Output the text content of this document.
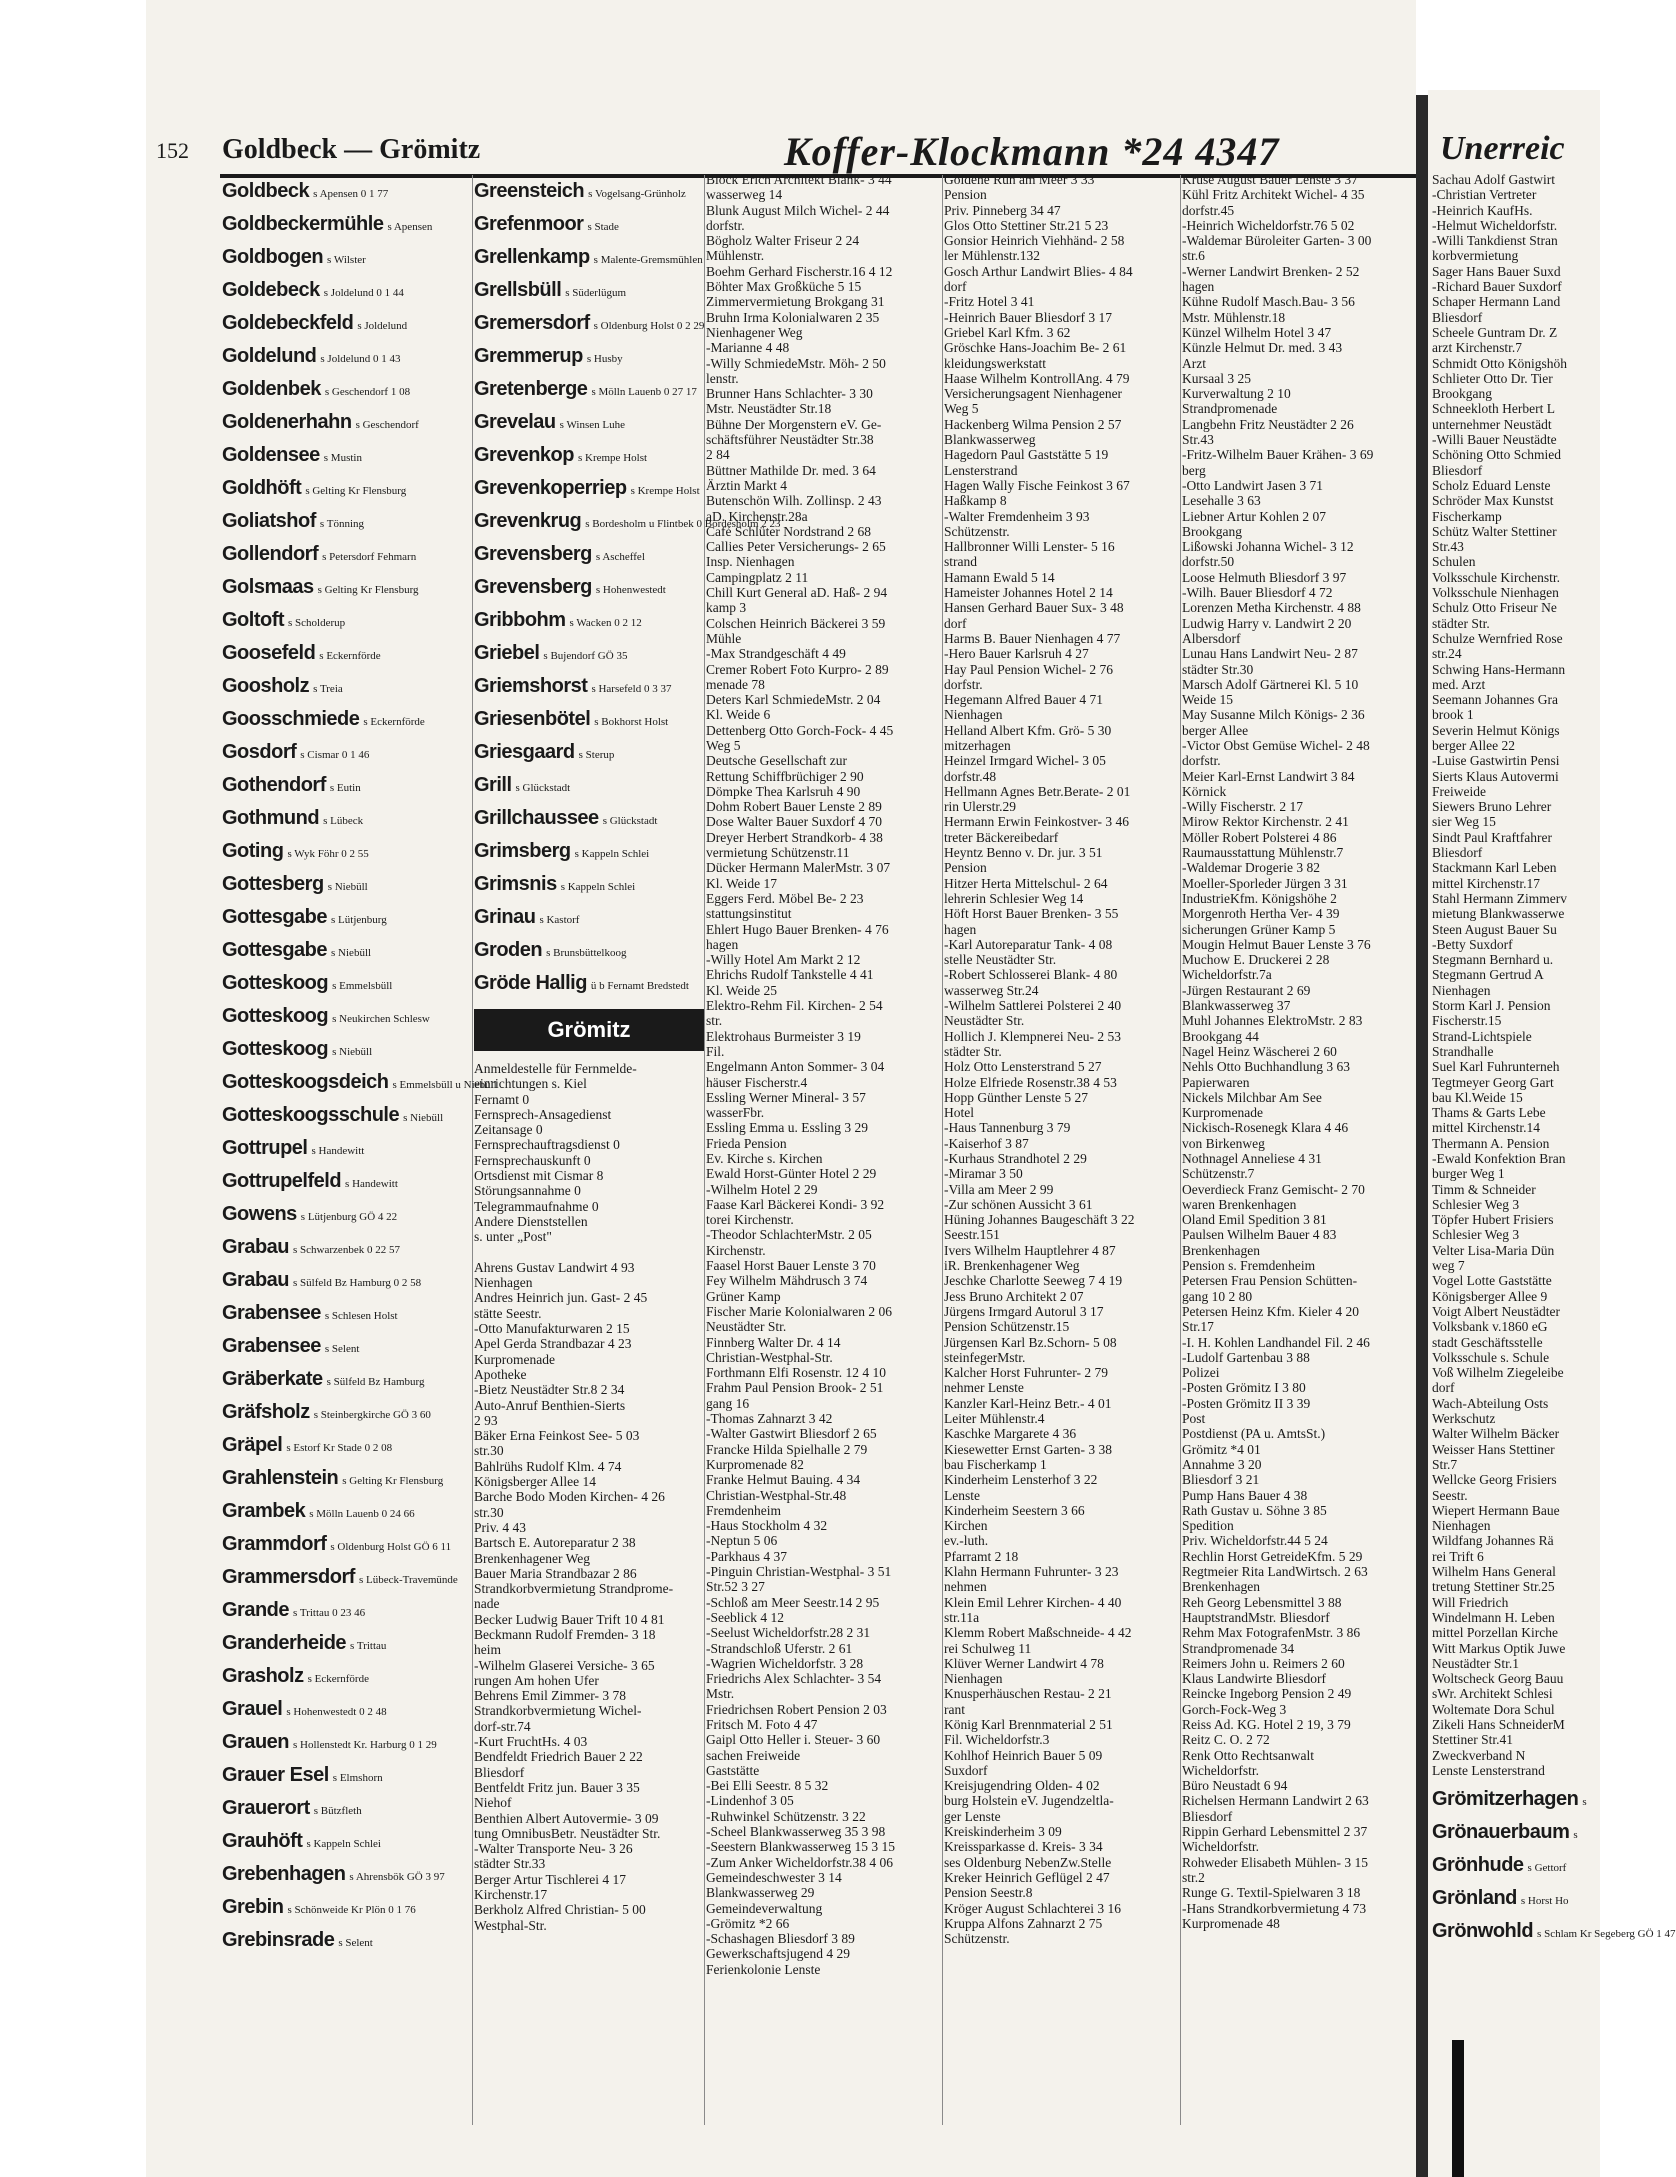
Unerreic
152 Goldbeck — Grömitz	Koffer-Klockmann *24 4347
Goldbeck s Apensen 0 1 77
Goldbeckermühle s Apensen
Goldbogen s Wilster
Goldebeck s Joldelund 0 1 44
Goldebeckfeld s Joldelund
Goldelund s Joldelund 0 1 43
Goldenbek s Geschendorf 1 08
Goldenerhahn s Geschendorf
Goldensee s Mustin
Goldhöft s Gelting Kr Flensburg
Goliatshof s Tönning
Gollendorf s Petersdorf Fehmarn
Golsmaas s Gelting Kr Flensburg
Goltoft s Scholderup
Goosefeld s Eckernförde
Goosholz s Treia
Goosschmiede s Eckernförde
Gosdorf s Cismar 0 1 46
Gothendorf s Eutin
Gothmund s Lübeck
Goting s Wyk Föhr 0 2 55
Gottesberg s Niebüll
Gottesgabe s Lütjenburg
Gottesgabe s Niebüll
Gotteskoog s Emmelsbüll
Gotteskoog s Neukirchen Schlesw
Gotteskoog s Niebüll
Gotteskoogsdeich s Emmelsbüll u Niebüll
Gotteskoogsschule s Niebüll
Gottrupel s Handewitt
Gottrupelfeld s Handewitt
Gowens s Lütjenburg GÖ 4 22
Grabau s Schwarzenbek 0 22 57
Grabau s Sülfeld Bz Hamburg 0 2 58
Grabensee s Schlesen Holst
Grabensee s Selent
Gräberkate s Sülfeld Bz Hamburg
Gräfsholz s Steinbergkirche GÖ 3 60
Gräpel s Estorf Kr Stade 0 2 08
Grahlenstein s Gelting Kr Flensburg
Grambek s Mölln Lauenb 0 24 66
Grammdorf s Oldenburg Holst GÖ 6 11
Grammersdorf s Lübeck-Travemünde
Grande s Trittau 0 23 46
Granderheide s Trittau
Grasholz s Eckernförde
Grauel s Hohenwestedt 0 2 48
Grauen s Hollenstedt Kr. Harburg 0 1 29
Grauer Esel s Elmshorn
Grauerort s Bützfleth
Grauhöft s Kappeln Schlei
Grebenhagen s Ahrensbök GÖ 3 97
Grebin s Schönweide Kr Plön 0 1 76
Grebinsrade s Selent
Greensteich s Vogelsang-Grünholz
Grefenmoor s Stade
Grellenkamp s Malente-Gremsmühlen
Grellsbüll s Süderlügum
Gremersdorf s Oldenburg Holst 0 2 29
Gremmerup s Husby
Gretenberge s Mölln Lauenb 0 27 17
Grevelau s Winsen Luhe
Grevenkop s Krempe Holst
Grevenkoperriep s Krempe Holst
Grevenkrug s Bordesholm u Flintbek 0 Bordesholm 2 23
Grevensberg s Ascheffel
Grevensberg s Hohenwestedt
Gribbohm s Wacken 0 2 12
Griebel s Bujendorf GÖ 35
Griemshorst s Harsefeld 0 3 37
Griesenbötel s Bokhorst Holst
Griesgaard s Sterup
Grill s Glückstadt
Grillchaussee s Glückstadt
Grimsberg s Kappeln Schlei
Grimsnis s Kappeln Schlei
Grinau s Kastorf
Groden s Brunsbüttelkoog
Gröde Hallig ü b Fernamt Bredstedt
Grömitz
Anmeldestelle für Fernmelde-
einrichtungen s. Kiel
Fernamt 0
Fernsprech-Ansagedienst
Zeitansage 0
Fernsprechauftragsdienst 0
Fernsprechauskunft 0
Ortsdienst mit Cismar 8
Störungsannahme 0
Telegrammaufnahme 0
Andere Dienststellen
s. unter „Post"

Ahrens Gustav Landwirt 4 93
Nienhagen
Andres Heinrich jun. Gast- 2 45
stätte Seestr.
-Otto Manufakturwaren 2 15
Apel Gerda Strandbazar 4 23
Kurpromenade
Apotheke
-Bietz Neustädter Str.8 2 34
Auto-Anruf Benthien-Sierts
2 93
Bäker Erna Feinkost See- 5 03
str.30
Bahlrühs Rudolf Klm. 4 74
Königsberger Allee 14
Barche Bodo Moden Kirchen- 4 26
str.30
Priv. 4 43
Bartsch E. Autoreparatur 2 38
Brenkenhagener Weg
Bauer Maria Strandbazar 2 86
Strandkorbvermietung Strandprome-
nade
Becker Ludwig Bauer Trift 10 4 81
Beckmann Rudolf Fremden- 3 18
heim
-Wilhelm Glaserei Versiche- 3 65
rungen Am hohen Ufer
Behrens Emil Zimmer- 3 78
Strandkorbvermietung Wichel-
dorf-str.74
-Kurt FruchtHs. 4 03
Bendfeldt Friedrich Bauer 2 22
Bliesdorf
Bentfeldt Fritz jun. Bauer 3 35
Niehof
Benthien Albert Autovermie- 3 09
tung OmnibusBetr. Neustädter Str.
-Walter Transporte Neu- 3 26
städter Str.33
Berger Artur Tischlerei 4 17
Kirchenstr.17
Berkholz Alfred Christian- 5 00
Westphal-Str.
Block Erich Architekt Blank- 3 44
wasserweg 14
Blunk August Milch Wichel- 2 44
dorfstr.
Bögholz Walter Friseur 2 24
Mühlenstr.
Boehm Gerhard Fischerstr.16 4 12
Böhter Max Großküche 5 15
Zimmervermietung Brokgang 31
Bruhn Irma Kolonialwaren 2 35
Nienhagener Weg
-Marianne 4 48
-Willy SchmiedeMstr. Möh- 2 50
lenstr.
Brunner Hans Schlachter- 3 30
Mstr. Neustädter Str.18
Bühne Der Morgenstern eV. Ge-
schäftsführer Neustädter Str.38
2 84
Büttner Mathilde Dr. med. 3 64
Ärztin Markt 4
Butenschön Wilh. Zollinsp. 2 43
aD. Kirchenstr.28a
Café Schlüter Nordstrand 2 68
Callies Peter Versicherungs- 2 65
Insp. Nienhagen
Campingplatz 2 11
Chill Kurt General aD. Haß- 2 94
kamp 3
Colschen Heinrich Bäckerei 3 59
Mühle
-Max Strandgeschäft 4 49
Cremer Robert Foto Kurpro- 2 89
menade 78
Deters Karl SchmiedeMstr. 2 04
Kl. Weide 6
Dettenberg Otto Gorch-Fock- 4 45
Weg 5
Deutsche Gesellschaft zur
Rettung Schiffbrüchiger 2 90
Dömpke Thea Karlsruh 4 90
Dohm Robert Bauer Lenste 2 89
Dose Walter Bauer Suxdorf 4 70
Dreyer Herbert Strandkorb- 4 38
vermietung Schützenstr.11
Dücker Hermann MalerMstr. 3 07
Kl. Weide 17
Eggers Ferd. Möbel Be- 2 23
stattungsinstitut
Ehlert Hugo Bauer Brenken- 4 76
hagen
-Willy Hotel Am Markt 2 12
Ehrichs Rudolf Tankstelle 4 41
Kl. Weide 25
Elektro-Rehm Fil. Kirchen- 2 54
str.
Elektrohaus Burmeister 3 19
Fil.
Engelmann Anton Sommer- 3 04
häuser Fischerstr.4
Essling Werner Mineral- 3 57
wasserFbr.
Essling Emma u. Essling 3 29
Frieda Pension
Ev. Kirche s. Kirchen
Ewald Horst-Günter Hotel 2 29
-Wilhelm Hotel 2 29
Faase Karl Bäckerei Kondi- 3 92
torei Kirchenstr.
-Theodor SchlachterMstr. 2 05
Kirchenstr.
Faasel Horst Bauer Lenste 3 70
Fey Wilhelm Mähdrusch 3 74
Grüner Kamp
Fischer Marie Kolonialwaren 2 06
Neustädter Str.
Finnberg Walter Dr. 4 14
Christian-Westphal-Str.
Forthmann Elfi Rosenstr. 12 4 10
Frahm Paul Pension Brook- 2 51
gang 16
-Thomas Zahnarzt 3 42
-Walter Gastwirt Bliesdorf 2 65
Francke Hilda Spielhalle 2 79
Kurpromenade 82
Franke Helmut Bauing. 4 34
Christian-Westphal-Str.48
Fremdenheim
-Haus Stockholm 4 32
-Neptun 5 06
-Parkhaus 4 37
-Pinguin Christian-Westphal- 3 51
Str.52 3 27
-Schloß am Meer Seestr.14 2 95
-Seeblick 4 12
-Seelust Wicheldorfstr.28 2 31
-Strandschloß Uferstr. 2 61
-Wagrien Wicheldorfstr. 3 28
Friedrichs Alex Schlachter- 3 54
Mstr.
Friedrichsen Robert Pension 2 03
Fritsch M. Foto 4 47
Gaipl Otto Heller i. Steuer- 3 60
sachen Freiweide
Gaststätte
-Bei Elli Seestr. 8 5 32
-Lindenhof 3 05
-Ruhwinkel Schützenstr. 3 22
-Scheel Blankwasserweg 35 3 98
-Seestern Blankwasserweg 15 3 15
-Zum Anker Wicheldorfstr.38 4 06
Gemeindeschwester 3 14
Blankwasserweg 29
Gemeindeverwaltung
-Grömitz *2 66
-Schashagen Bliesdorf 3 89
Gewerkschaftsjugend 4 29
Ferienkolonie Lenste
Goldene Ruh am Meer 3 33
Pension
Priv. Pinneberg 34 47
Glos Otto Stettiner Str.21 5 23
Gonsior Heinrich Viehhänd- 2 58
ler Mühlenstr.132
Gosch Arthur Landwirt Blies- 4 84
dorf
-Fritz Hotel 3 41
-Heinrich Bauer Bliesdorf 3 17
Griebel Karl Kfm. 3 62
Gröschke Hans-Joachim Be- 2 61
kleidungswerkstatt
Haase Wilhelm KontrollAng. 4 79
Versicherungsagent Nienhagener
Weg 5
Hackenberg Wilma Pension 2 57
Blankwasserweg
Hagedorn Paul Gaststätte 5 19
Lensterstrand
Hagen Wally Fische Feinkost 3 67
Haßkamp 8
-Walter Fremdenheim 3 93
Schützenstr.
Hallbronner Willi Lenster- 5 16
strand
Hamann Ewald 5 14
Hameister Johannes Hotel 2 14
Hansen Gerhard Bauer Sux- 3 48
dorf
Harms B. Bauer Nienhagen 4 77
-Hero Bauer Karlsruh 4 27
Hay Paul Pension Wichel- 2 76
dorfstr.
Hegemann Alfred Bauer 4 71
Nienhagen
Helland Albert Kfm. Grö- 5 30
mitzerhagen
Heinzel Irmgard Wichel- 3 05
dorfstr.48
Hellmann Agnes Betr.Berate- 2 01
rin Ulerstr.29
Hermann Erwin Feinkostver- 3 46
treter Bäckereibedarf
Heyntz Benno v. Dr. jur. 3 51
Pension
Hitzer Herta Mittelschul- 2 64
lehrerin Schlesier Weg 14
Höft Horst Bauer Brenken- 3 55
hagen
-Karl Autoreparatur Tank- 4 08
stelle Neustädter Str.
-Robert Schlosserei Blank- 4 80
wasserweg Str.24
-Wilhelm Sattlerei Polsterei 2 40
Neustädter Str.
Hollich J. Klempnerei Neu- 2 53
städter Str.
Holz Otto Lensterstrand 5 27
Holze Elfriede Rosenstr.38 4 53
Hopp Günther Lenste 5 27
Hotel
-Haus Tannenburg 3 79
-Kaiserhof 3 87
-Kurhaus Strandhotel 2 29
-Miramar 3 50
-Villa am Meer 2 99
-Zur schönen Aussicht 3 61
Hüning Johannes Baugeschäft 3 22
Seestr.151
Ivers Wilhelm Hauptlehrer 4 87
iR. Brenkenhagener Weg
Jeschke Charlotte Seeweg 7 4 19
Jess Bruno Architekt 2 07
Jürgens Irmgard Autorul 3 17
Pension Schützenstr.15
Jürgensen Karl Bz.Schorn- 5 08
steinfegerMstr.
Kalcher Horst Fuhrunter- 2 79
nehmer Lenste
Kanzler Karl-Heinz Betr.- 4 01
Leiter Mühlenstr.4
Kaschke Margarete 4 36
Kiesewetter Ernst Garten- 3 38
bau Fischerkamp 1
Kinderheim Lensterhof 3 22
Lenste
Kinderheim Seestern 3 66
Kirchen
ev.-luth.
Pfarramt 2 18
Klahn Hermann Fuhrunter- 3 23
nehmen
Klein Emil Lehrer Kirchen- 4 40
str.11a
Klemm Robert Maßschneide- 4 42
rei Schulweg 11
Klüver Werner Landwirt 4 78
Nienhagen
Knusperhäuschen Restau- 2 21
rant
König Karl Brennmaterial 2 51
Fil. Wicheldorfstr.3
Kohlhof Heinrich Bauer 5 09
Suxdorf
Kreisjugendring Olden- 4 02
burg Holstein eV. Jugendzeltla-
ger Lenste
Kreiskinderheim 3 09
Kreissparkasse d. Kreis- 3 34
ses Oldenburg NebenZw.Stelle
Kreker Heinrich Geflügel 2 47
Pension Seestr.8
Kröger August Schlachterei 3 16
Kruppa Alfons Zahnarzt 2 75
Schützenstr.
Kruse August Bauer Lenste 3 37
Kühl Fritz Architekt Wichel- 4 35
dorfstr.45
-Heinrich Wicheldorfstr.76 5 02
-Waldemar Büroleiter Garten- 3 00
str.6
-Werner Landwirt Brenken- 2 52
hagen
Kühne Rudolf Masch.Bau- 3 56
Mstr. Mühlenstr.18
Künzel Wilhelm Hotel 3 47
Künzle Helmut Dr. med. 3 43
Arzt
Kursaal 3 25
Kurverwaltung 2 10
Strandpromenade
Langbehn Fritz Neustädter 2 26
Str.43
-Fritz-Wilhelm Bauer Krähen- 3 69
berg
-Otto Landwirt Jasen 3 71
Lesehalle 3 63
Liebner Artur Kohlen 2 07
Brookgang
Lißowski Johanna Wichel- 3 12
dorfstr.50
Loose Helmuth Bliesdorf 3 97
-Wilh. Bauer Bliesdorf 4 72
Lorenzen Metha Kirchenstr. 4 88
Ludwig Harry v. Landwirt 2 20
Albersdorf
Lunau Hans Landwirt Neu- 2 87
städter Str.30
Marsch Adolf Gärtnerei Kl. 5 10
Weide 15
May Susanne Milch Königs- 2 36
berger Allee
-Victor Obst Gemüse Wichel- 2 48
dorfstr.
Meier Karl-Ernst Landwirt 3 84
Körnick
-Willy Fischerstr. 2 17
Mirow Rektor Kirchenstr. 2 41
Möller Robert Polsterei 4 86
Raumausstattung Mühlenstr.7
-Waldemar Drogerie 3 82
Moeller-Sporleder Jürgen 3 31
IndustrieKfm. Königshöhe 2
Morgenroth Hertha Ver- 4 39
sicherungen Grüner Kamp 5
Mougin Helmut Bauer Lenste 3 76
Muchow E. Druckerei 2 28
Wicheldorfstr.7a
-Jürgen Restaurant 2 69
Blankwasserweg 37
Muhl Johannes ElektroMstr. 2 83
Brookgang 44
Nagel Heinz Wäscherei 2 60
Nehls Otto Buchhandlung 3 63
Papierwaren
Nickels Milchbar Am See
Kurpromenade
Nickisch-Rosenegk Klara 4 46
von Birkenweg
Nothnagel Anneliese 4 31
Schützenstr.7
Oeverdieck Franz Gemischt- 2 70
waren Brenkenhagen
Oland Emil Spedition 3 81
Paulsen Wilhelm Bauer 4 83
Brenkenhagen
Pension s. Fremdenheim
Petersen Frau Pension Schütten-
gang 10 2 80
Petersen Heinz Kfm. Kieler 4 20
Str.17
-I. H. Kohlen Landhandel Fil. 2 46
-Ludolf Gartenbau 3 88
Polizei
-Posten Grömitz I 3 80
-Posten Grömitz II 3 39
Post
Postdienst (PA u. AmtsSt.)
Grömitz *4 01
Annahme 3 20
Bliesdorf 3 21
Pump Hans Bauer 4 38
Rath Gustav u. Söhne 3 85
Spedition
Priv. Wicheldorfstr.44 5 24
Rechlin Horst GetreideKfm. 5 29
Regtmeier Rita LandWirtsch. 2 63
Brenkenhagen
Reh Georg Lebensmittel 3 88
HauptstrandMstr. Bliesdorf
Rehm Max FotografenMstr. 3 86
Strandpromenade 34
Reimers John u. Reimers 2 60
Klaus Landwirte Bliesdorf
Reincke Ingeborg Pension 2 49
Gorch-Fock-Weg 3
Reiss Ad. KG. Hotel 2 19, 3 79
Reitz C. O. 2 72
Renk Otto Rechtsanwalt
Wicheldorfstr.
Büro Neustadt 6 94
Richelsen Hermann Landwirt 2 63
Bliesdorf
Rippin Gerhard Lebensmittel 2 37
Wicheldorfstr.
Rohweder Elisabeth Mühlen- 3 15
str.2
Runge G. Textil-Spielwaren 3 18
-Hans Strandkorbvermietung 4 73
Kurpromenade 48
Sachau Adolf Gastwirt
-Christian Vertreter
-Heinrich KaufHs.
-Helmut Wicheldorfstr.
-Willi Tankdienst Stran
korbvermietung
Sager Hans Bauer Suxd
-Richard Bauer Suxdorf
Schaper Hermann Land
Bliesdorf
Scheele Guntram Dr. Z
arzt Kirchenstr.7
Schmidt Otto Königshöh
Schlieter Otto Dr. Tier
Brookgang
Schneekloth Herbert L
unternehmer Neustädt
-Willi Bauer Neustädte
Schöning Otto Schmied
Bliesdorf
Scholz Eduard Lenste
Schröder Max Kunstst
Fischerkamp
Schütz Walter Stettiner
Str.43
Schulen
Volksschule Kirchenstr.
Volksschule Nienhagen
Schulz Otto Friseur Ne
städter Str.
Schulze Wernfried Rose
str.24
Schwing Hans-Hermann
med. Arzt
Seemann Johannes Gra
brook 1
Severin Helmut Königs
berger Allee 22
-Luise Gastwirtin Pensi
Sierts Klaus Autovermi
Freiweide
Siewers Bruno Lehrer
sier Weg 15
Sindt Paul Kraftfahrer
Bliesdorf
Stackmann Karl Leben
mittel Kirchenstr.17
Stahl Hermann Zimmerv
mietung Blankwasserwe
Steen August Bauer Su
-Betty Suxdorf
Stegmann Bernhard u.
Stegmann Gertrud A
Nienhagen
Storm Karl J. Pension
Fischerstr.15
Strand-Lichtspiele
Strandhalle
Suel Karl Fuhrunterneh
Tegtmeyer Georg Gart
bau Kl.Weide 15
Thams & Garts Lebe
mittel Kirchenstr.14
Thermann A. Pension
-Ewald Konfektion Bran
burger Weg 1
Timm & Schneider
Schlesier Weg 3
Töpfer Hubert Frisiers
Schlesier Weg 3
Velter Lisa-Maria Dün
weg 7
Vogel Lotte Gaststätte
Königsberger Allee 9
Voigt Albert Neustädter
Volksbank v.1860 eG
stadt Geschäftsstelle
Volksschule s. Schule
Voß Wilhelm Ziegeleibe
dorf
Wach-Abteilung Osts
Werkschutz
Walter Wilhelm Bäcker
Weisser Hans Stettiner
Str.7
Wellcke Georg Frisiers
Seestr.
Wiepert Hermann Baue
Nienhagen
Wildfang Johannes Rä
rei Trift 6
Wilhelm Hans General
tretung Stettiner Str.25
Will Friedrich
Windelmann H. Leben
mittel Porzellan Kirche
Witt Markus Optik Juwe
Neustädter Str.1
Woltscheck Georg Bauu
sWr. Architekt Schlesi
Woltemate Dora Schul
Zikeli Hans SchneiderM
Stettiner Str.41
Zweckverband N
Lenste Lensterstrand
Grömitzerhagen s
Grönauerbaum s
Grönhude s Gettorf
Grönland s Horst Ho
Grönwohld s Schlam Kr Segeberg GÖ 1 47
